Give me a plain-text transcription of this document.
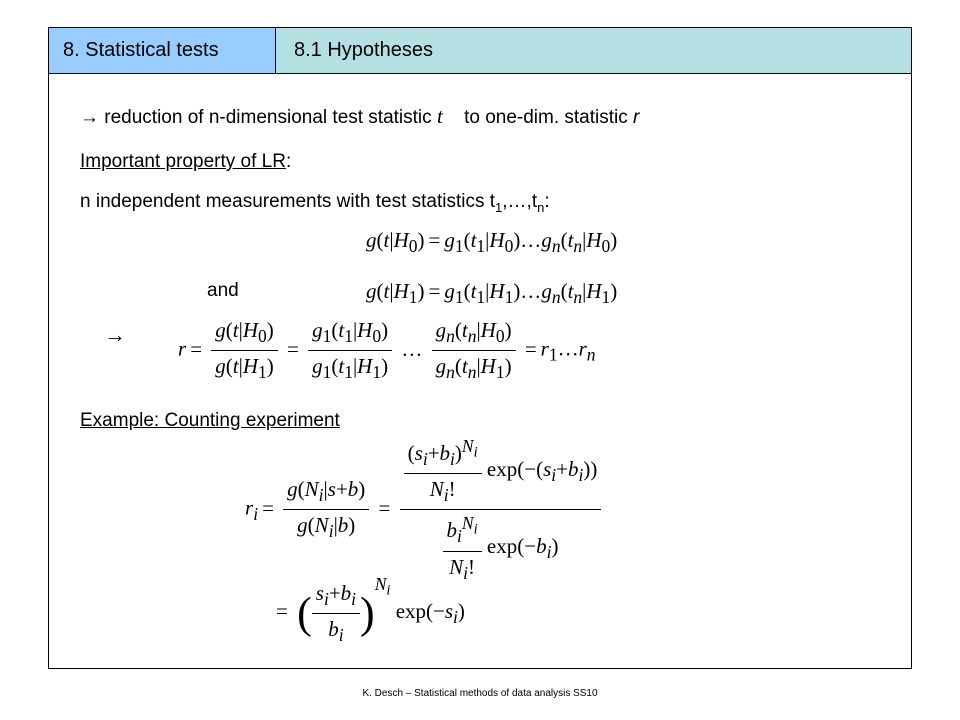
8. Statistical tests	8.1 Hypotheses
→ reduction of n-dimensional test statistic t to one-dim. statistic r
Important property of LR:
n independent measurements with test statistics $t_1,\dots,t_n$:
$g(t|H_0)$ = $g_1(t_1|H_0)\dots g_n(t_n|H_0)$
and	$g(t|H_1)$ = $g_1(t_1|H_1)\dots g_n(t_n|H_1)$
→
$r = \frac{g(t|H_0)}{g(t|H_1)} = \frac{g_1(t_1|H_0)}{g_1(t_1|H_1)}$ … $\frac{g_n(t_n|H_0)}{g_n(t_n|H_1)}$ = $r_1\dots r_n$
Example: Counting experiment
$r_i = \frac{g(N_i|s+b)}{g(N_i|b)} = \frac{\frac{(s_i+b_i)^{N_i}}{N_i!} \exp(-(s_i+b_i))}{\frac{b_i^{N_i}}{N_i!} \exp(-b_i)}$
= ( $\frac{s_i+b_i}{b_i} )^{N_i}$ $\exp(-s_i)$
K. Desch – Statistical methods of data analysis SS10
